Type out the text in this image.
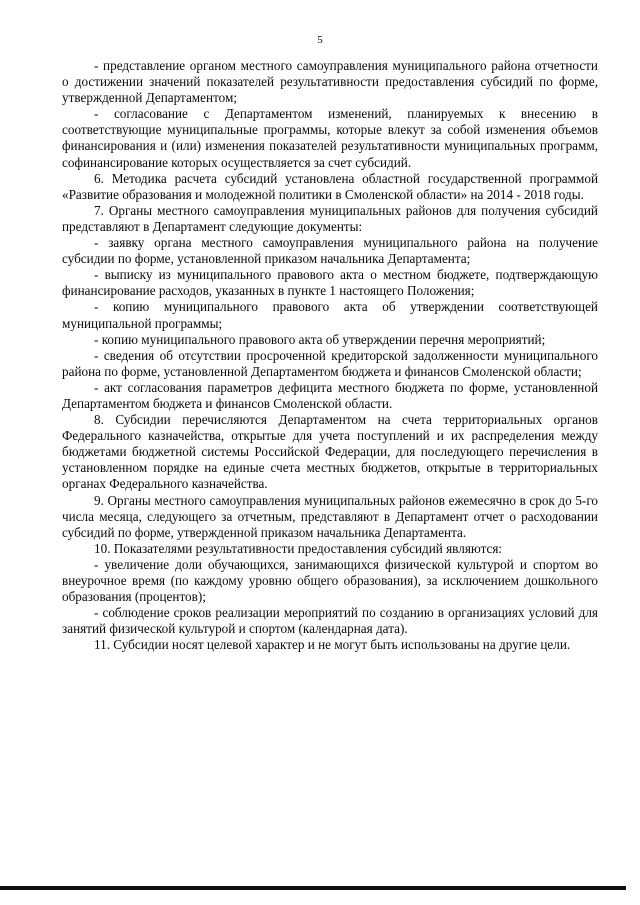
5

- представление органом местного самоуправления муниципального района отчетности о достижении значений показателей результативности предоставления субсидий по форме, утвержденной Департаментом;

- согласование с Департаментом изменений, планируемых к внесению в соответствующие муниципальные программы, которые влекут за собой изменения объемов финансирования и (или) изменения показателей результативности муниципальных программ, софинансирование которых осуществляется за счет субсидий.

6. Методика расчета субсидий установлена областной государственной программой «Развитие образования и молодежной политики в Смоленской области» на 2014 - 2018 годы.

7. Органы местного самоуправления муниципальных районов для получения субсидий представляют в Департамент следующие документы:

- заявку органа местного самоуправления муниципального района на получение субсидии по форме, установленной приказом начальника Департамента;

- выписку из муниципального правового акта о местном бюджете, подтверждающую финансирование расходов, указанных в пункте 1 настоящего Положения;

- копию муниципального правового акта об утверждении соответствующей муниципальной программы;

- копию муниципального правового акта об утверждении перечня мероприятий;

- сведения об отсутствии просроченной кредиторской задолженности муниципального района по форме, установленной Департаментом бюджета и финансов Смоленской области;

- акт согласования параметров дефицита местного бюджета по форме, установленной Департаментом бюджета и финансов Смоленской области.

8. Субсидии перечисляются Департаментом на счета территориальных органов Федерального казначейства, открытые для учета поступлений и их распределения между бюджетами бюджетной системы Российской Федерации, для последующего перечисления в установленном порядке на единые счета местных бюджетов, открытые в территориальных органах Федерального казначейства.

9. Органы местного самоуправления муниципальных районов ежемесячно в срок до 5-го числа месяца, следующего за отчетным, представляют в Департамент отчет о расходовании субсидий по форме, утвержденной приказом начальника Департамента.

10. Показателями результативности предоставления субсидий являются:

- увеличение доли обучающихся, занимающихся физической культурой и спортом во внеурочное время (по каждому уровню общего образования), за исключением дошкольного образования (процентов);

- соблюдение сроков реализации мероприятий по созданию в организациях условий для занятий физической культурой и спортом (календарная дата).

11. Субсидии носят целевой характер и не могут быть использованы на другие цели.
